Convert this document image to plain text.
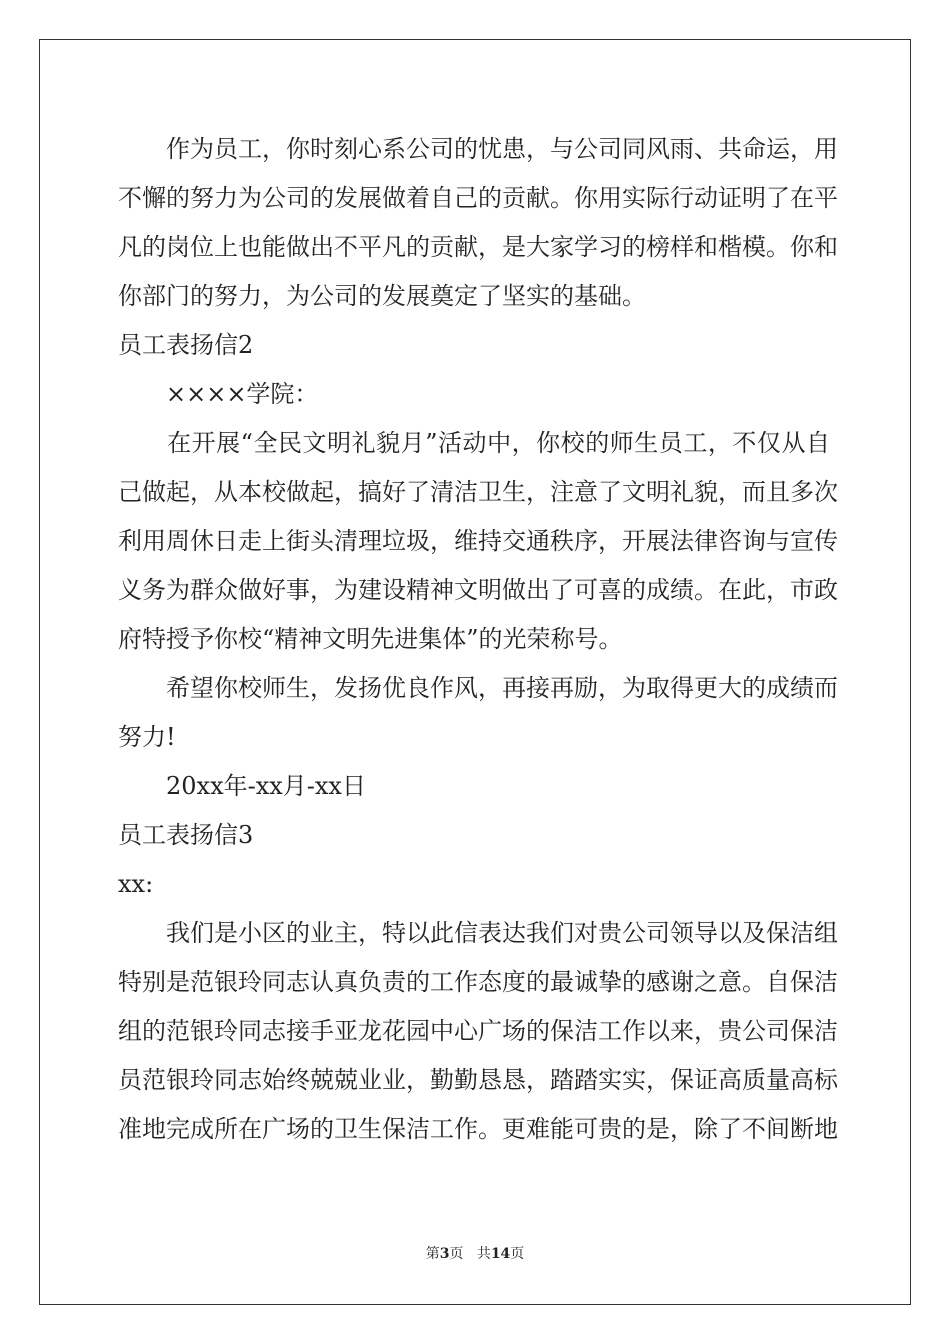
　　作为员工，你时刻心系公司的忧患，与公司同风雨、共命运，用
不懈的努力为公司的发展做着自己的贡献。你用实际行动证明了在平
凡的岗位上也能做出不平凡的贡献，是大家学习的榜样和楷模。你和
你部门的努力，为公司的发展奠定了坚实的基础。
员工表扬信2
　　××××学院：
　　在开展“全民文明礼貌月”活动中，你校的师生员工，不仅从自
己做起，从本校做起，搞好了清洁卫生，注意了文明礼貌，而且多次
利用周休日走上街头清理垃圾，维持交通秩序，开展法律咨询与宣传
义务为群众做好事，为建设精神文明做出了可喜的成绩。在此，市政
府特授予你校“精神文明先进集体”的光荣称号。
　　希望你校师生，发扬优良作风，再接再励，为取得更大的成绩而
努力!
　　20xx年-xx月-xx日
员工表扬信3
xx:
　　我们是小区的业主，特以此信表达我们对贵公司领导以及保洁组
特别是范银玲同志认真负责的工作态度的最诚挚的感谢之意。自保洁
组的范银玲同志接手亚龙花园中心广场的保洁工作以来，贵公司保洁
员范银玲同志始终兢兢业业，勤勤恳恳，踏踏实实，保证高质量高标
准地完成所在广场的卫生保洁工作。更难能可贵的是，除了不间断地
第3页 共14页
